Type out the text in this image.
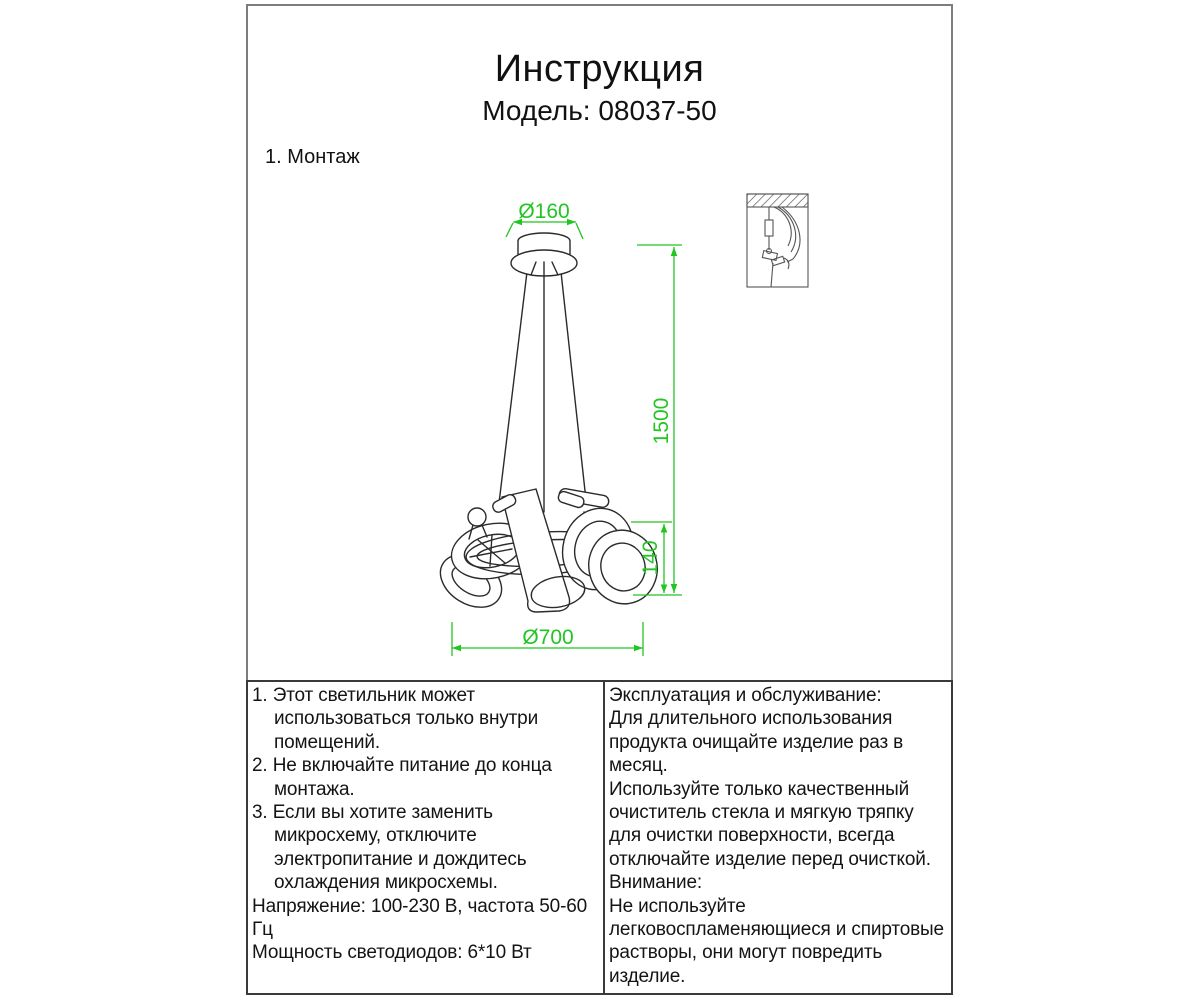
Инструкция
Модель: 08037-50
1. Монтаж
Ø160
1500
140
Ø700
1. Этот светильник может использоваться только внутри помещений.
2. Не включайте питание до конца монтажа.
3. Если вы хотите заменить микросхему, отключите электропитание и дождитесь охлаждения микросхемы.
Напряжение: 100-230 В, частота 50-60 Гц
Мощность светодиодов: 6*10 Вт
Эксплуатация и обслуживание:
Для длительного использования продукта очищайте изделие раз в месяц.
Используйте только качественный очиститель стекла и мягкую тряпку для очистки поверхности, всегда отключайте изделие перед очисткой.
Внимание:
Не используйте легковоспламеняющиеся и спиртовые растворы, они могут повредить изделие.
